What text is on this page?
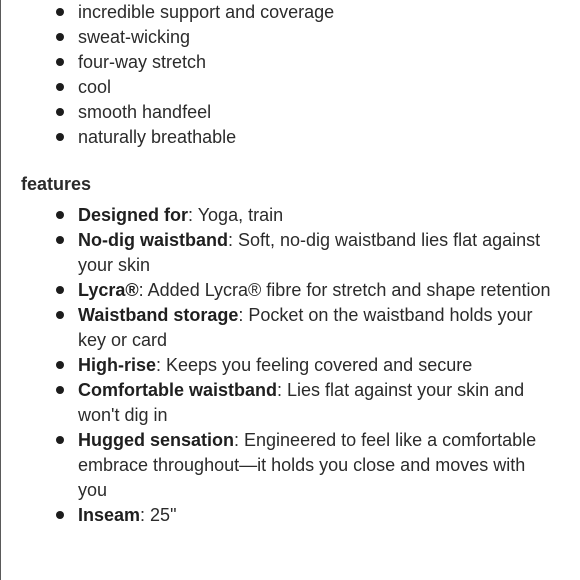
incredible support and coverage
sweat-wicking
four-way stretch
cool
smooth handfeel
naturally breathable
features
Designed for: Yoga, train
No-dig waistband: Soft, no-dig waistband lies flat against your skin
Lycra®: Added Lycra® fibre for stretch and shape retention
Waistband storage: Pocket on the waistband holds your key or card
High-rise: Keeps you feeling covered and secure
Comfortable waistband: Lies flat against your skin and won't dig in
Hugged sensation: Engineered to feel like a comfortable embrace throughout—it holds you close and moves with you
Inseam: 25"
